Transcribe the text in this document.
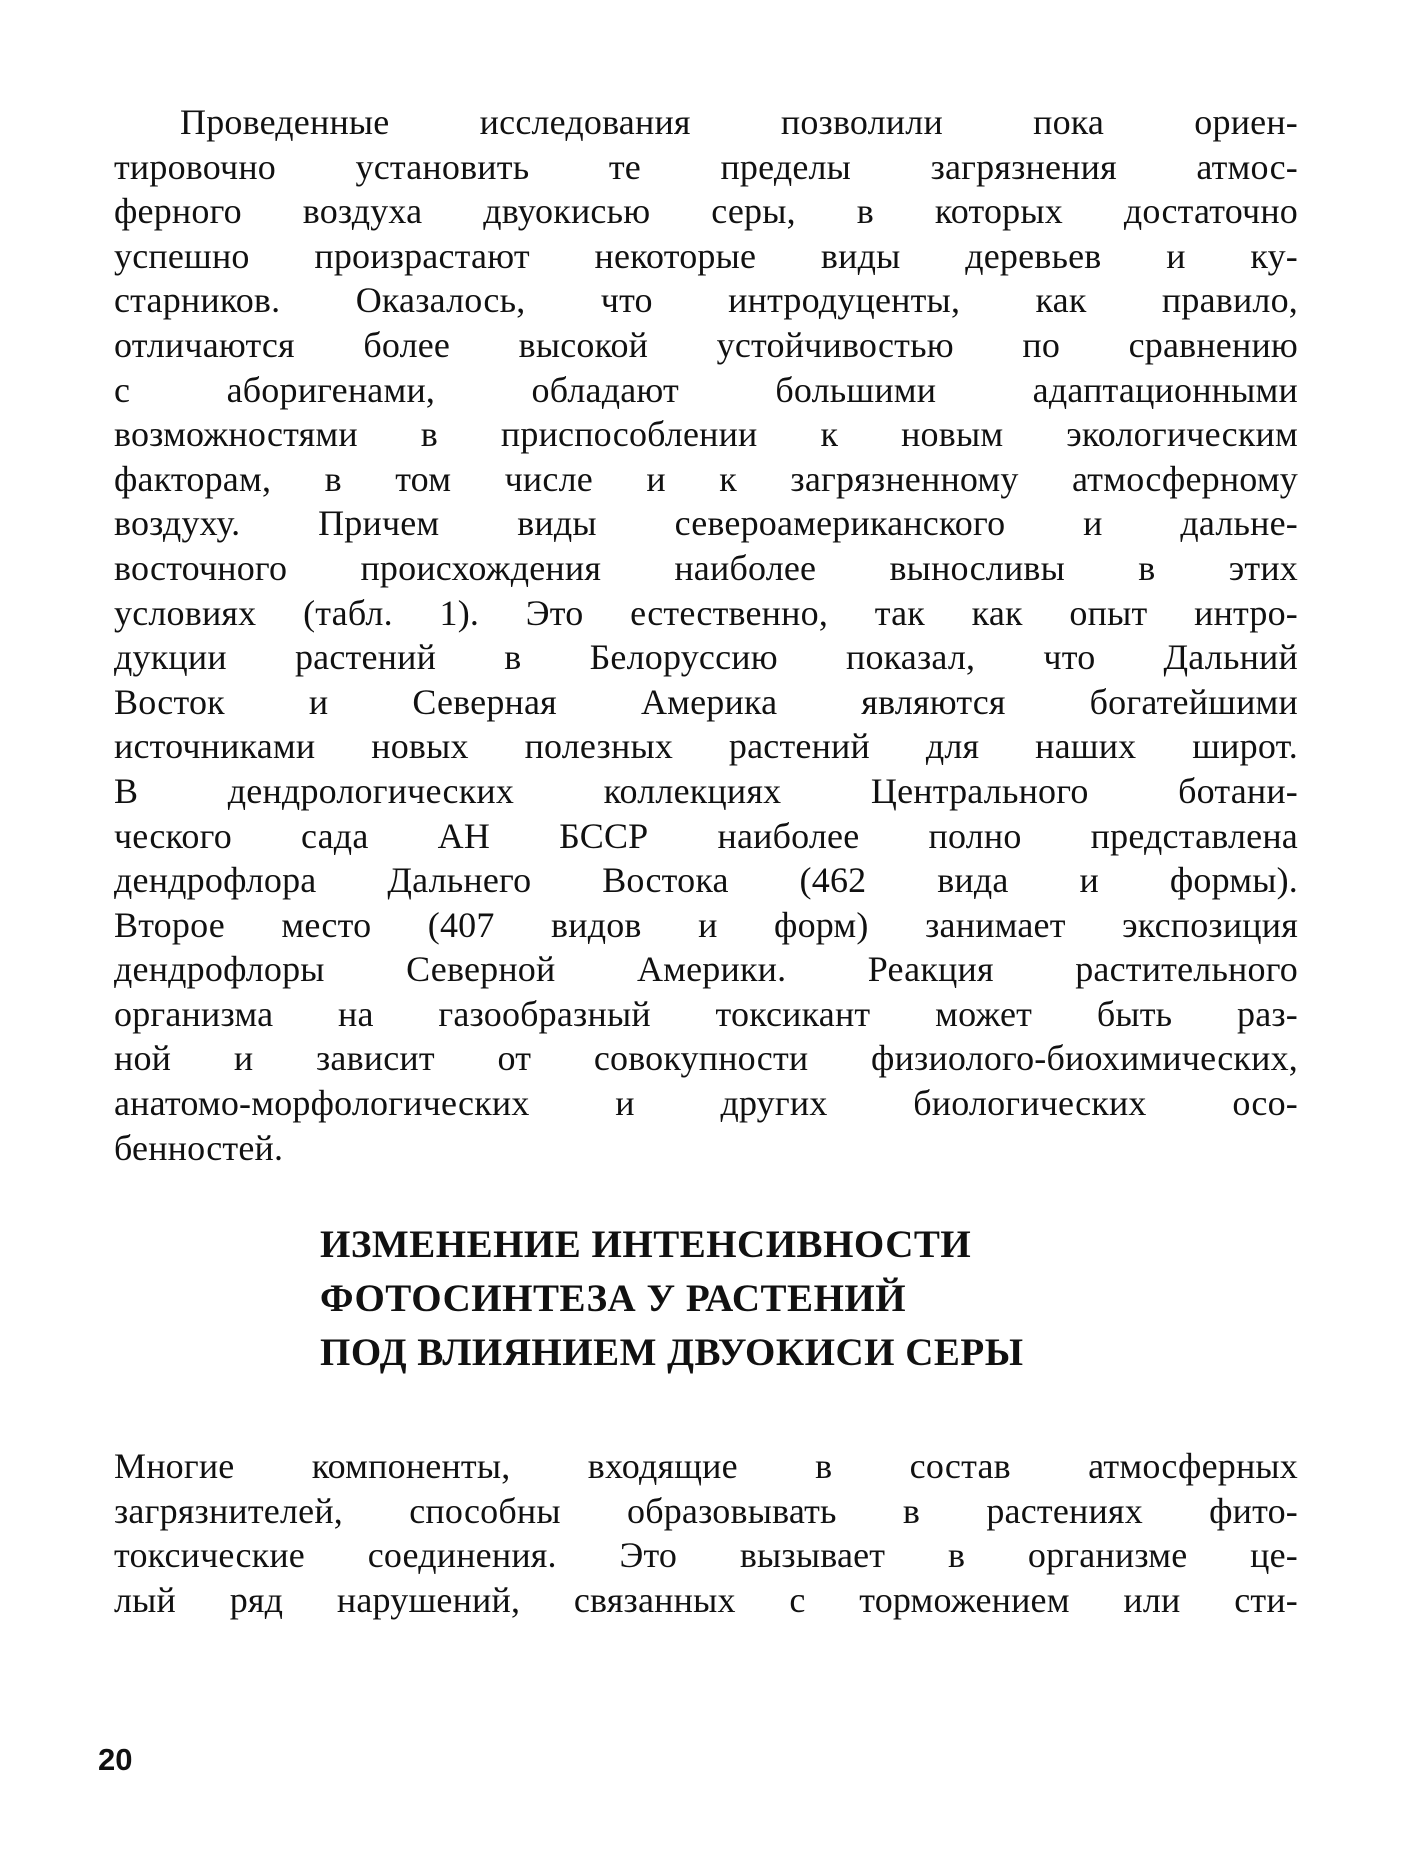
Проведенные исследования позволили пока ориен-
тировочно установить те пределы загрязнения атмос-
ферного воздуха двуокисью серы, в которых достаточно
успешно произрастают некоторые виды деревьев и ку-
старников. Оказалось, что интродуценты, как правило,
отличаются более высокой устойчивостью по сравнению
с аборигенами, обладают большими адаптационными
возможностями в приспособлении к новым экологическим
факторам, в том числе и к загрязненному атмосферному
воздуху. Причем виды североамериканского и дальне-
восточного происхождения наиболее выносливы в этих
условиях (табл. 1). Это естественно, так как опыт интро-
дукции растений в Белоруссию показал, что Дальний
Восток и Северная Америка являются богатейшими
источниками новых полезных растений для наших широт.
В дендрологических коллекциях Центрального ботани-
ческого сада АН БССР наиболее полно представлена
дендрофлора Дальнего Востока (462 вида и формы).
Второе место (407 видов и форм) занимает экспозиция
дендрофлоры Северной Америки. Реакция растительного
организма на газообразный токсикант может быть раз-
ной и зависит от совокупности физиолого-биохимических,
анатомо-морфологических и других биологических осо-
бенностей.
ИЗМЕНЕНИЕ ИНТЕНСИВНОСТИ
ФОТОСИНТЕЗА У РАСТЕНИЙ
ПОД ВЛИЯНИЕМ ДВУОКИСИ СЕРЫ
Многие компоненты, входящие в состав атмосферных
загрязнителей, способны образовывать в растениях фито-
токсические соединения. Это вызывает в организме це-
лый ряд нарушений, связанных с торможением или сти-
20
